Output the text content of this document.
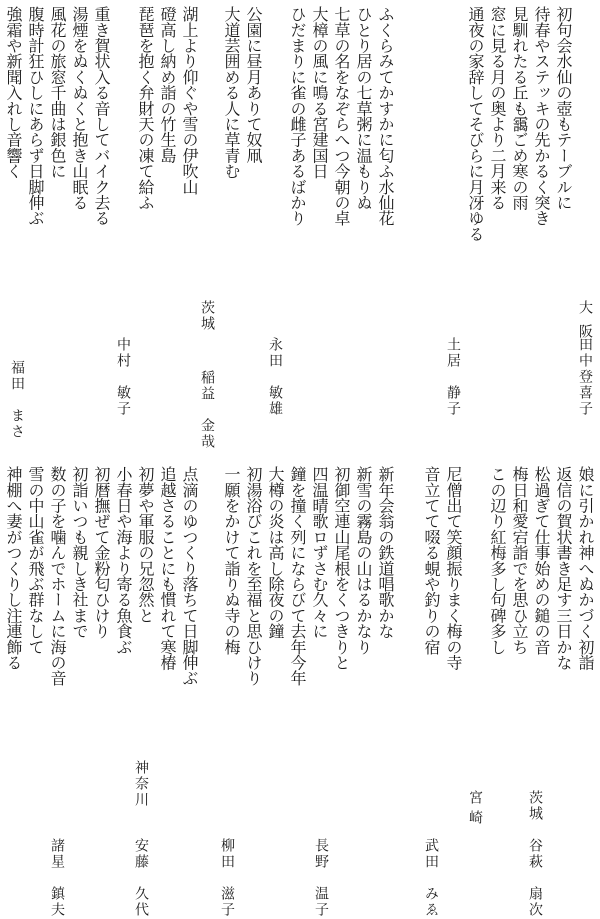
大阪
田中登喜子
初句会水仙の壺もテーブルに
待春やステッキの先かるく突き
見馴れたる丘も靄ごめ寒の雨
窓に見る月の奥より二月来る
通夜の家辞してそびらに月冴ゆる
土居　静子
ふくらみてかすかに匂ふ水仙花
ひとり居の七草粥に温もりぬ
七草の名をなぞらへつ今朝の卓
大樟の風に鳴る宮建国日
ひだまりに雀の雌子あるばかり
永田　敏雄
公園に昼月ありて奴凧
大道芸囲める人に草青む
湖上より仰ぐや雪の伊吹山
磴高し納め詣の竹生島
琵琶を抱く弁財天の凍て給ふ
中村　敏子
重き賀状入る音してバイク去る
湯煙をぬくぬくと抱き山眠る
風花の旅窓千曲は銀色に
腹時計狂ひしにあらず日脚伸ぶ
強霜や新聞入れし音響く
娘に引かれ神へぬかづく初詣
返信の賀状書き足す三日かな
松過ぎて仕事始めの鎚の音
梅日和愛宕詣でを思ひ立ち
この辺り紅梅多し句碑多し
宮崎
尼僧出て笑顔振りまく梅の寺
音立てて啜る蜆や釣りの宿
新年会翁の鉄道唱歌かな
新雪の霧島の山はるかなり
初御空連山尾根をくつきりと
四温晴歌ロずさむ久々に
鐘を撞く列にならびて去年今年
大樽の炎は高し除夜の鐘
初湯浴びこれを至福と思ひけり
一願をかけて詣りぬ寺の梅
点滴のゆつくり落ちて日脚伸ぶ
追越さることにも慣れて寒椿
初夢や軍服の兄忽然と
小春日や海より寄る魚食ぶ
初暦撫ぜて金粉匂ひけり
初詣いつも親しき社まで
数の子を噛んでホームに海の音
雪の中山雀が飛ぶ群なして
神棚へ妻がつくりし注連飾る
茨城
谷萩　扇次
武田　みゑ
長野　温子
柳田　滋子
神奈川
安藤　久代
諸星　鎮夫
茨城
稲益　金哉
福田　まさ
